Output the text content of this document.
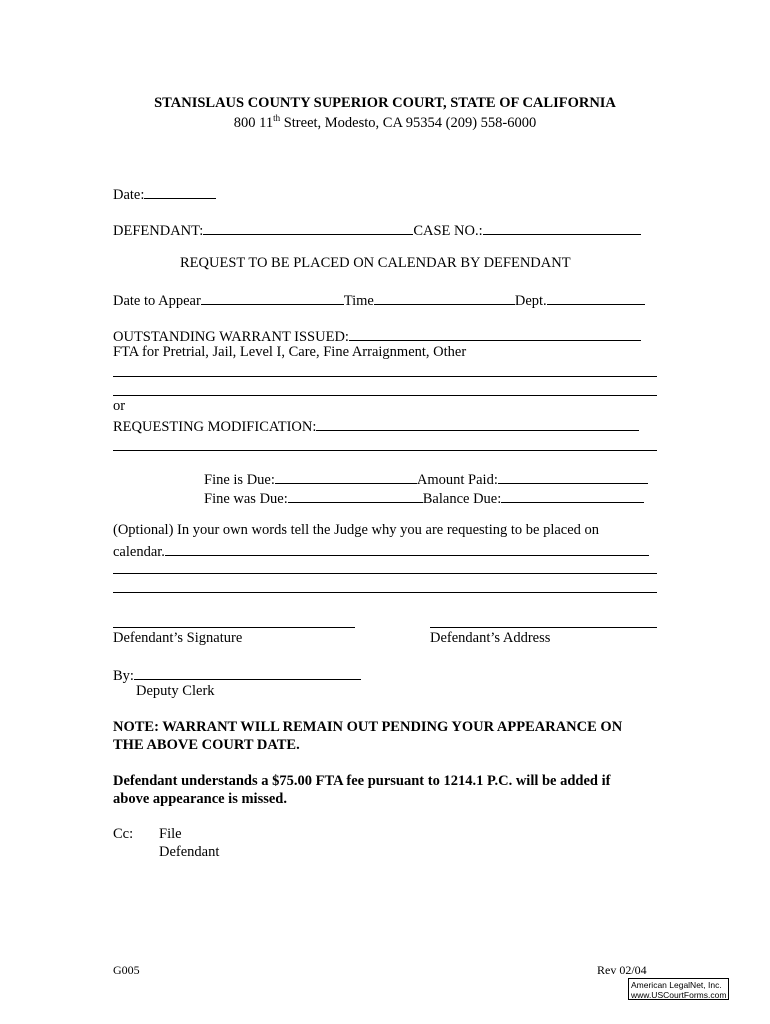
STANISLAUS COUNTY SUPERIOR COURT, STATE OF CALIFORNIA
800 11th Street, Modesto, CA 95354 (209) 558-6000
Date:
DEFENDANT:	CASE NO.:
REQUEST TO BE PLACED ON CALENDAR BY DEFENDANT
Date to Appear	Time	Dept.
OUTSTANDING WARRANT ISSUED:
FTA for Pretrial, Jail, Level I, Care, Fine Arraignment, Other
or
REQUESTING MODIFICATION:
Fine is Due:	Amount Paid:
Fine was Due:	Balance Due:
(Optional) In your own words tell the Judge why you are requesting to be placed on
calendar.
Defendant’s Signature	Defendant’s Address
By:
Deputy Clerk
NOTE: WARRANT WILL REMAIN OUT PENDING YOUR APPEARANCE ON
THE ABOVE COURT DATE.
Defendant understands a $75.00 FTA fee pursuant to 1214.1 P.C. will be added if
above appearance is missed.
Cc: File
Defendant
G005	Rev 02/04
American LegalNet, Inc.
www.USCourtForms.com
